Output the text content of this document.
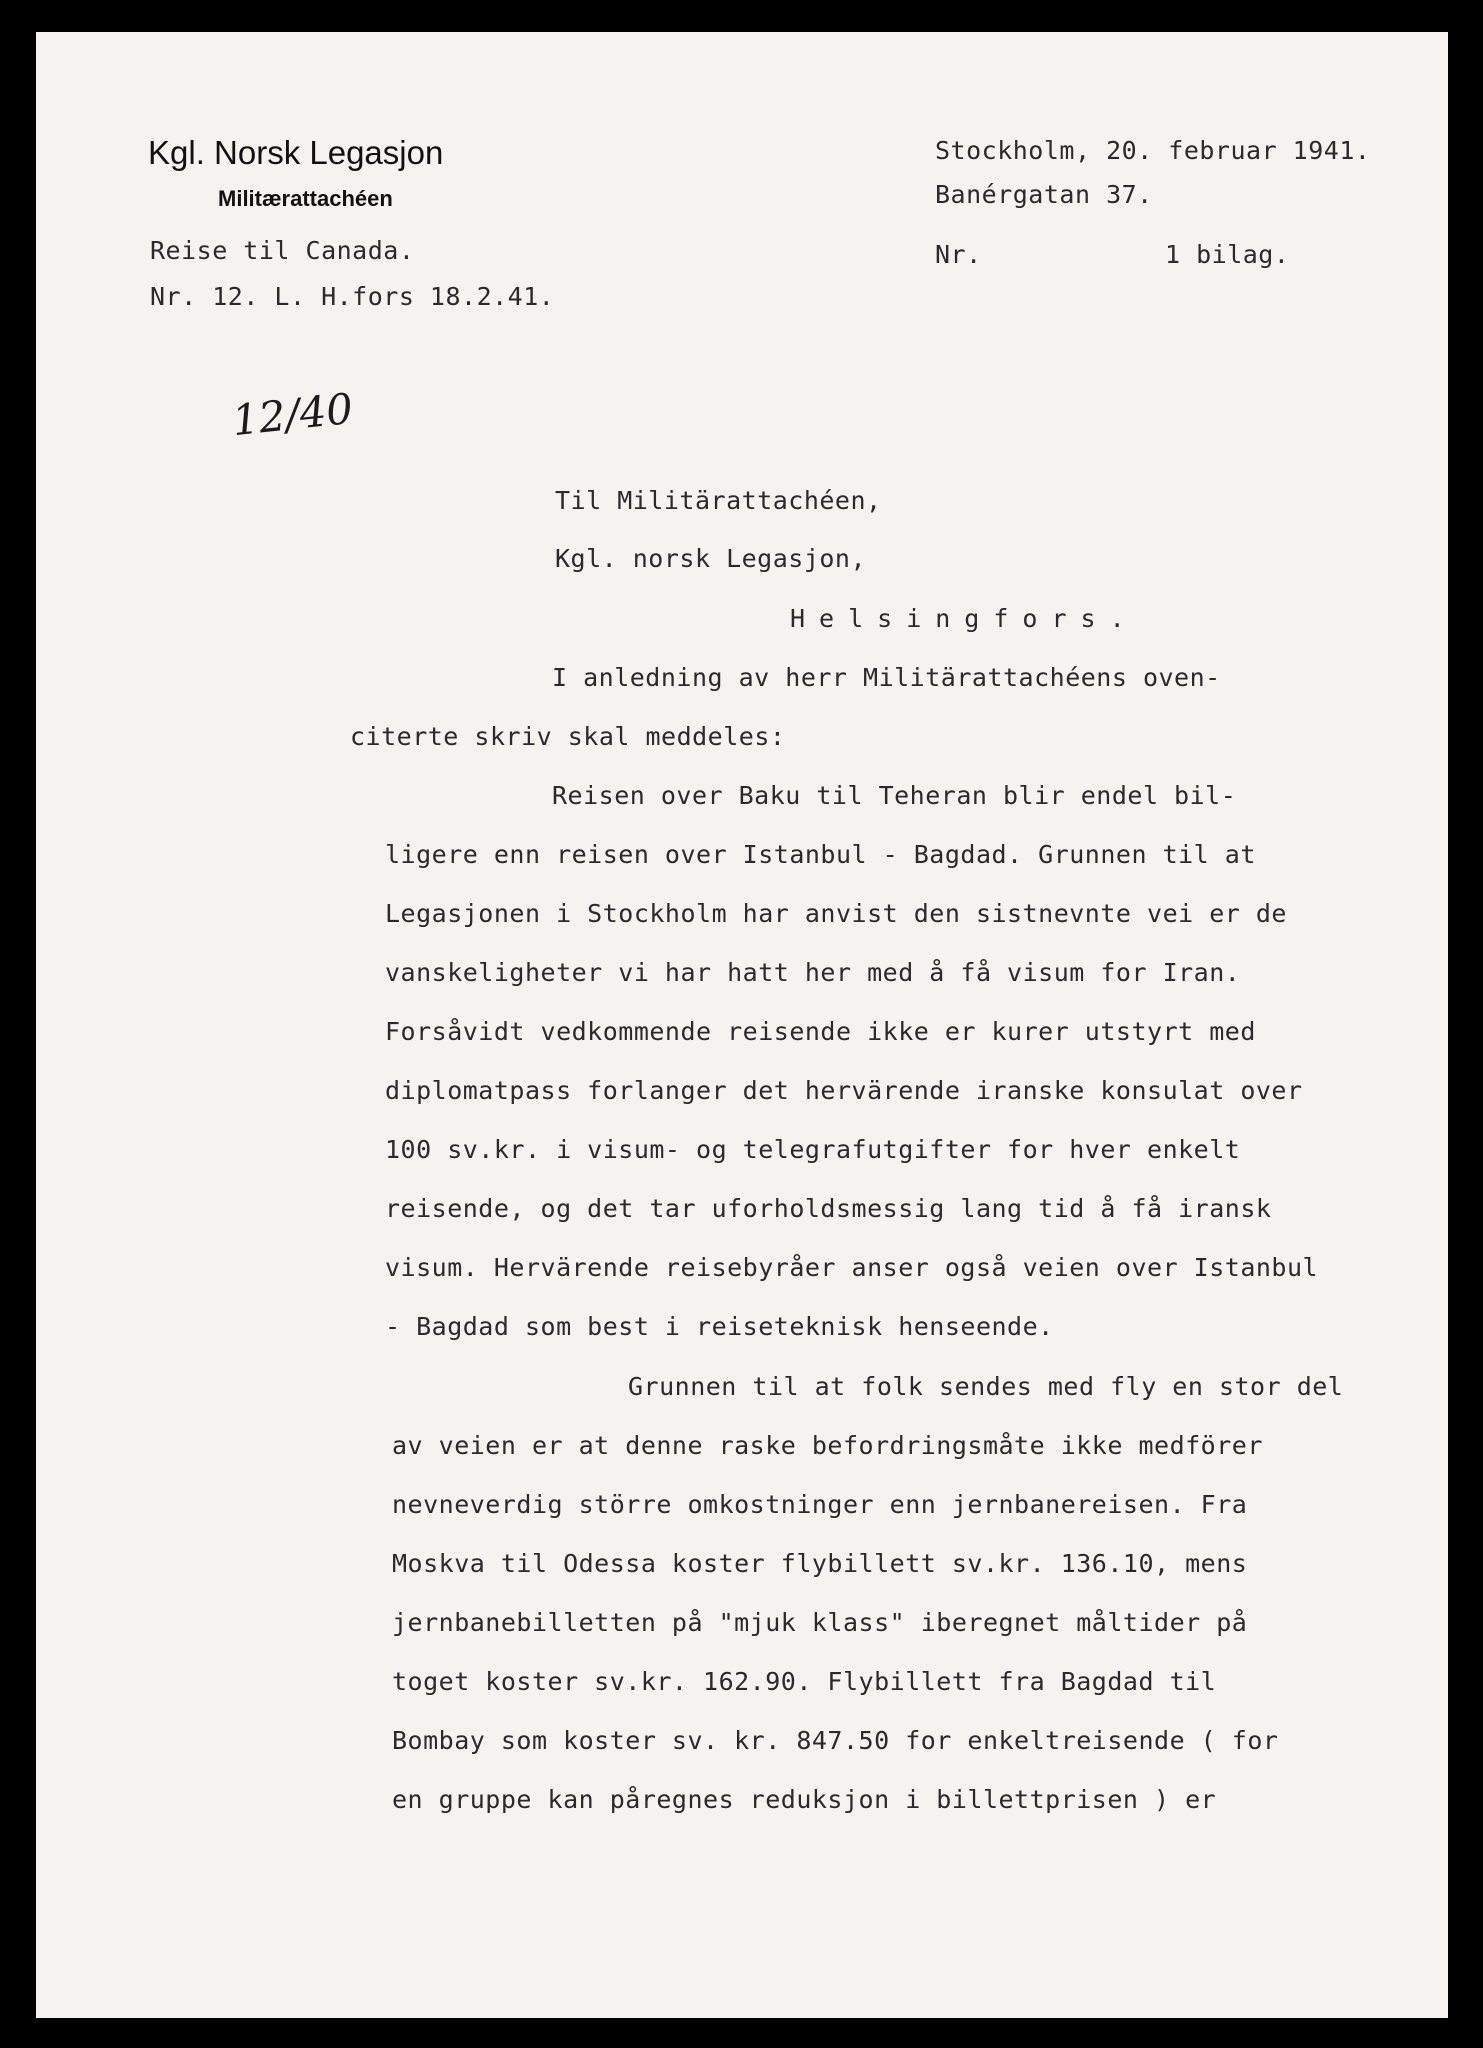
Kgl. Norsk Legasjon
Militærattachéen
Reise til Canada.
Nr. 12. L. H.fors 18.2.41.
Stockholm, 20. februar 1941.
Banérgatan 37.
Nr.	1 bilag.
12/40
Til Militärattachéen,
Kgl. norsk Legasjon,
Helsingfors.
I anledning av herr Militärattachéens oven-
citerte skriv skal meddeles:
Reisen over Baku til Teheran blir endel bil-
ligere enn reisen over Istanbul - Bagdad. Grunnen til at
Legasjonen i Stockholm har anvist den sistnevnte vei er de
vanskeligheter vi har hatt her med å få visum for Iran.
Forsåvidt vedkommende reisende ikke er kurer utstyrt med
diplomatpass forlanger det hervärende iranske konsulat over
100 sv.kr. i visum- og telegrafutgifter for hver enkelt
reisende, og det tar uforholdsmessig lang tid å få iransk
visum. Hervärende reisebyråer anser også veien over Istanbul
- Bagdad som best i reiseteknisk henseende.
Grunnen til at folk sendes med fly en stor del
av veien er at denne raske befordringsmåte ikke medförer
nevneverdig större omkostninger enn jernbanereisen. Fra
Moskva til Odessa koster flybillett sv.kr. 136.10, mens
jernbanebilletten på "mjuk klass" iberegnet måltider på
toget koster sv.kr. 162.90. Flybillett fra Bagdad til
Bombay som koster sv. kr. 847.50 for enkeltreisende ( for
en gruppe kan påregnes reduksjon i billettprisen ) er
